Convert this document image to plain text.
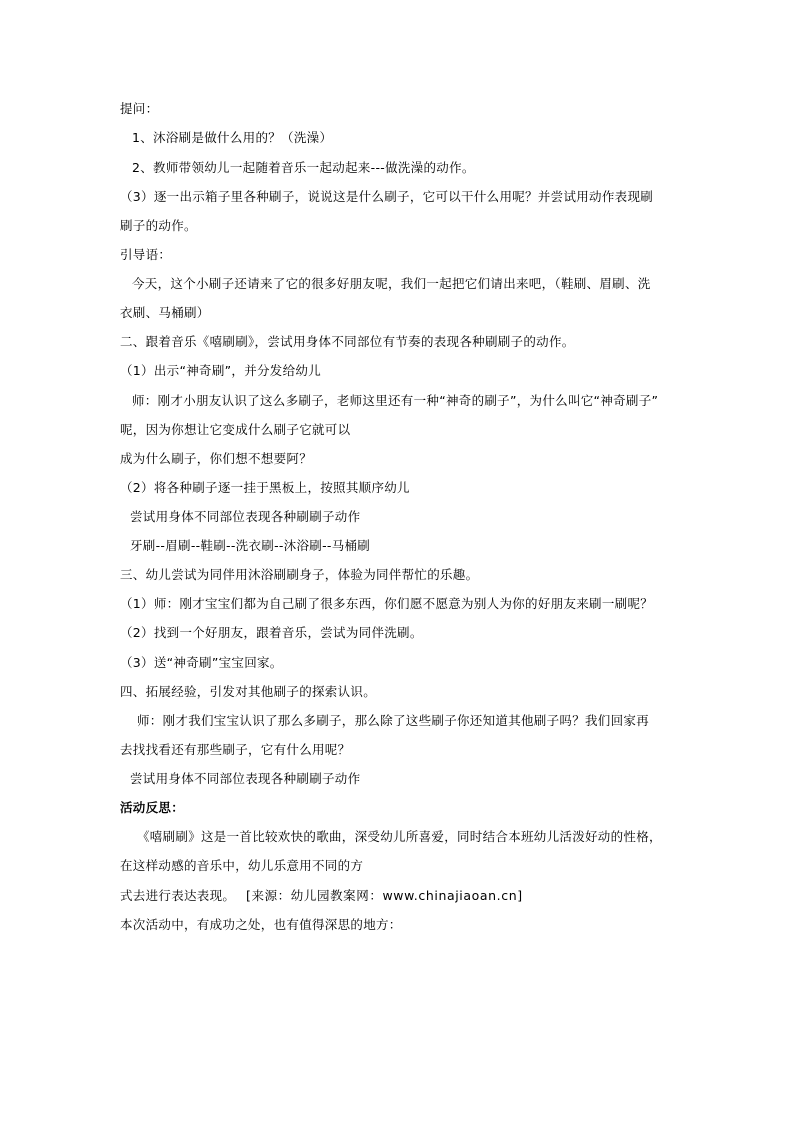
提问：
1、沐浴刷是做什么用的？（洗澡）
2、教师带领幼儿一起随着音乐一起动起来---做洗澡的动作。
（3）逐一出示箱子里各种刷子，说说这是什么刷子，它可以干什么用呢？并尝试用动作表现刷
刷子的动作。
引导语：
今天，这个小刷子还请来了它的很多好朋友呢，我们一起把它们请出来吧，（鞋刷、眉刷、洗
衣刷、马桶刷）
二、跟着音乐《嘻刷刷》，尝试用身体不同部位有节奏的表现各种刷刷子的动作。
（1）出示“神奇刷”，并分发给幼儿
师：刚才小朋友认识了这么多刷子，老师这里还有一种“神奇的刷子”，为什么叫它“神奇刷子”
呢，因为你想让它变成什么刷子它就可以
成为什么刷子，你们想不想要阿？
（2）将各种刷子逐一挂于黑板上，按照其顺序幼儿
尝试用身体不同部位表现各种刷刷子动作
牙刷--眉刷--鞋刷--洗衣刷--沐浴刷--马桶刷
三、幼儿尝试为同伴用沐浴刷刷身子，体验为同伴帮忙的乐趣。
（1）师：刚才宝宝们都为自己刷了很多东西，你们愿不愿意为别人为你的好朋友来刷一刷呢？
（2）找到一个好朋友，跟着音乐，尝试为同伴洗刷。
（3）送“神奇刷”宝宝回家。
四、拓展经验，引发对其他刷子的探索认识。
师：刚才我们宝宝认识了那么多刷子，那么除了这些刷子你还知道其他刷子吗？我们回家再
去找找看还有那些刷子，它有什么用呢？
尝试用身体不同部位表现各种刷刷子动作
活动反思：
《嘻刷刷》这是一首比较欢快的歌曲，深受幼儿所喜爱，同时结合本班幼儿活泼好动的性格，
在这样动感的音乐中，幼儿乐意用不同的方
式去进行表达表现。 [来源：幼儿园教案网：www.chinajiaoan.cn]
本次活动中，有成功之处，也有值得深思的地方：
